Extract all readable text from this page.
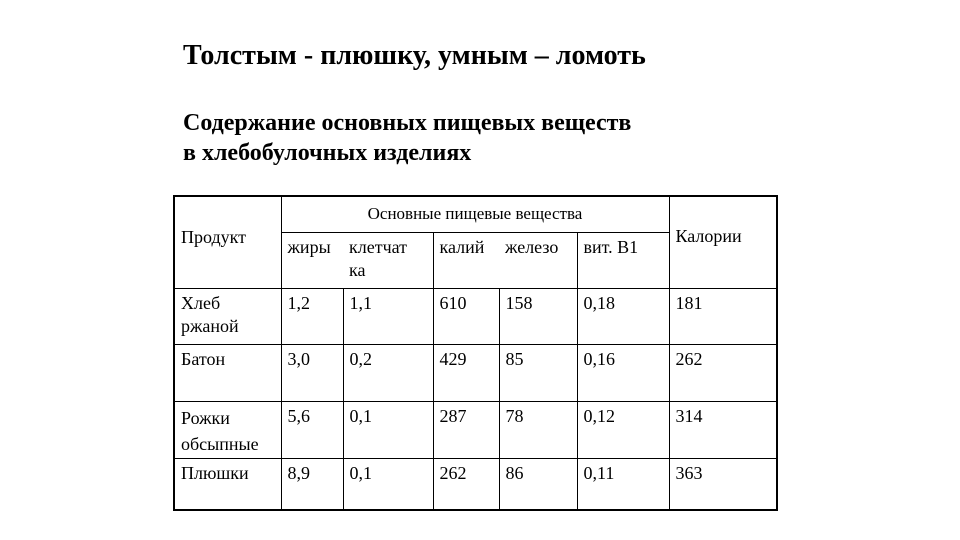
Толстым - плюшку, умным – ломоть
Содержание основных пищевых веществ
в хлебобулочных изделиях
	Основные пищевые вещества					
Продукт	жиры	клетчат ка	калий	железо	вит. В1	Калории
Хлеб ржаной	1,2	1,1	610	158	0,18	181
Батон	3,0	0,2	429	85	0,16	262
Рожки обсыпные	5,6	0,1	287	78	0,12	314
Плюшки	8,9	0,1	262	86	0,11	363
